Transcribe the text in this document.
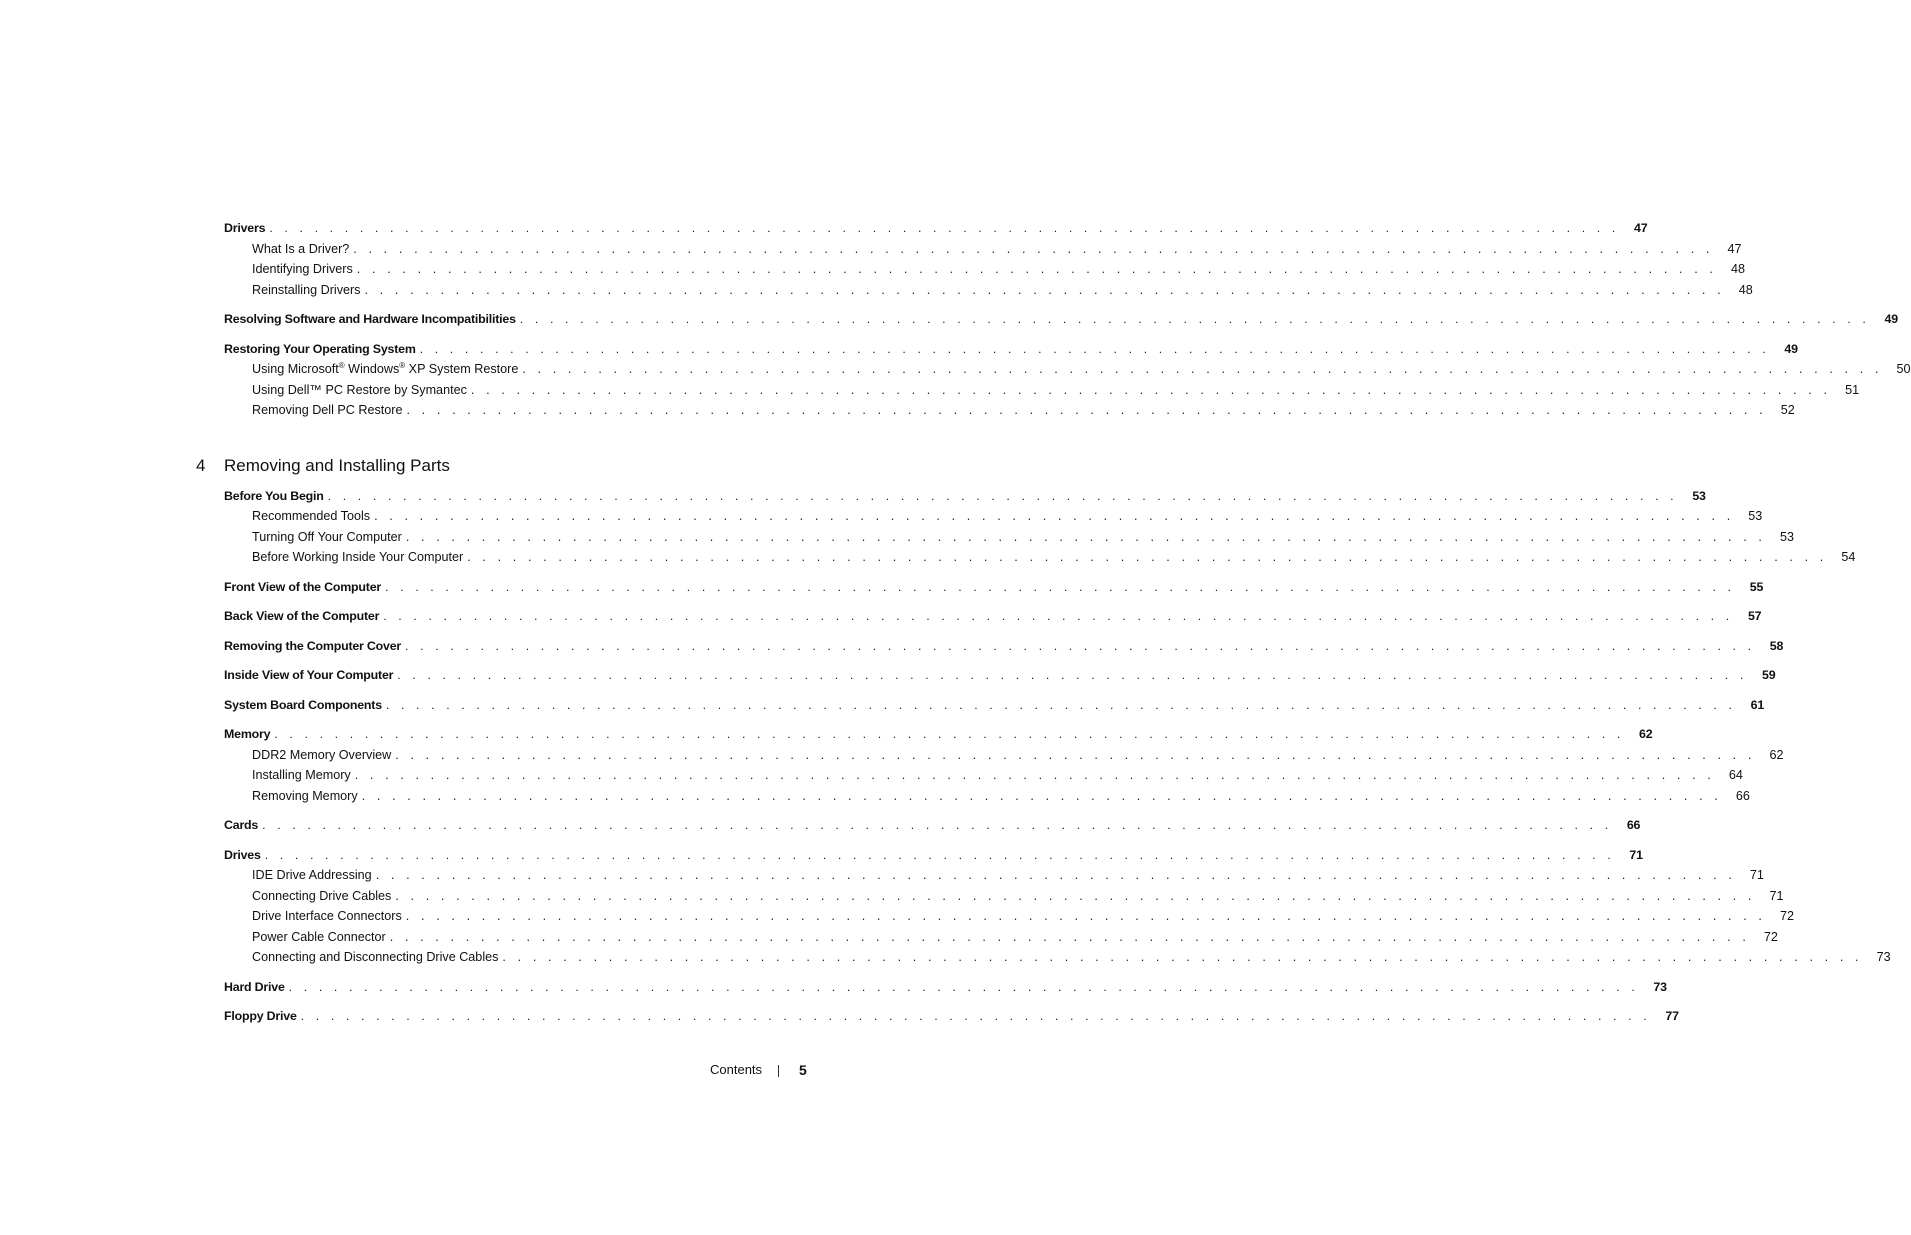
Drivers . . . . . . . . . . . . . . . . . . . . . . . . . . . . . . . . . . . . . . . . . . . . . . . . . . . . . . . . . . . . . . . . . . . . . . . . . . . . . . . . . . . . . . . . . .	47
What Is a Driver? . . . . . . . . . . . . . . . . . . . . . . . . . . . . . . . . . . . . . . . . . . . . . . . . . . . . . . . . . . . . . . . . . . . . . . . . . . . . . . . . . . . . . . . . . .	47
Identifying Drivers . . . . . . . . . . . . . . . . . . . . . . . . . . . . . . . . . . . . . . . . . . . . . . . . . . . . . . . . . . . . . . . . . . . . . . . . . . . . . . . . . . . . . . . . . .	48
Reinstalling Drivers . . . . . . . . . . . . . . . . . . . . . . . . . . . . . . . . . . . . . . . . . . . . . . . . . . . . . . . . . . . . . . . . . . . . . . . . . . . . . . . . . . . . . . . . . .	48
Resolving Software and Hardware Incompatibilities . . . . . . . . . . . . . . . . . . . . . . . . . . . . . . . . . . . . . . . . . . . . . . . . . . . . . . . . . . . . . . . . . . . . . . . . . . . . . . . . . . . . . . . . . .	49
Restoring Your Operating System . . . . . . . . . . . . . . . . . . . . . . . . . . . . . . . . . . . . . . . . . . . . . . . . . . . . . . . . . . . . . . . . . . . . . . . . . . . . . . . . . . . . . . . . . .	49
Using Microsoft® Windows® XP System Restore . . . . . . . . . . . . . . . . . . . . . . . . . . . . . . . . . . . . . . . . . . . . . . . . . . . . . . . . . . . . . . . . . . . . . . . . . . . . . . . . . . . . . . . . . .	50
Using Dell™ PC Restore by Symantec . . . . . . . . . . . . . . . . . . . . . . . . . . . . . . . . . . . . . . . . . . . . . . . . . . . . . . . . . . . . . . . . . . . . . . . . . . . . . . . . . . . . . . . . . .	51
Removing Dell PC Restore . . . . . . . . . . . . . . . . . . . . . . . . . . . . . . . . . . . . . . . . . . . . . . . . . . . . . . . . . . . . . . . . . . . . . . . . . . . . . . . . . . . . . . . . . .	52
4 Removing and Installing Parts
Before You Begin . . . . . . . . . . . . . . . . . . . . . . . . . . . . . . . . . . . . . . . . . . . . . . . . . . . . . . . . . . . . . . . . . . . . . . . . . . . . . . . . . . . . . . . . . .	53
Recommended Tools . . . . . . . . . . . . . . . . . . . . . . . . . . . . . . . . . . . . . . . . . . . . . . . . . . . . . . . . . . . . . . . . . . . . . . . . . . . . . . . . . . . . . . . . . .	53
Turning Off Your Computer . . . . . . . . . . . . . . . . . . . . . . . . . . . . . . . . . . . . . . . . . . . . . . . . . . . . . . . . . . . . . . . . . . . . . . . . . . . . . . . . . . . . . . . . . .	53
Before Working Inside Your Computer . . . . . . . . . . . . . . . . . . . . . . . . . . . . . . . . . . . . . . . . . . . . . . . . . . . . . . . . . . . . . . . . . . . . . . . . . . . . . . . . . . . . . . . . . .	54
Front View of the Computer . . . . . . . . . . . . . . . . . . . . . . . . . . . . . . . . . . . . . . . . . . . . . . . . . . . . . . . . . . . . . . . . . . . . . . . . . . . . . . . . . . . . . . . . . .	55
Back View of the Computer . . . . . . . . . . . . . . . . . . . . . . . . . . . . . . . . . . . . . . . . . . . . . . . . . . . . . . . . . . . . . . . . . . . . . . . . . . . . . . . . . . . . . . . . . .	57
Removing the Computer Cover . . . . . . . . . . . . . . . . . . . . . . . . . . . . . . . . . . . . . . . . . . . . . . . . . . . . . . . . . . . . . . . . . . . . . . . . . . . . . . . . . . . . . . . . . .	58
Inside View of Your Computer . . . . . . . . . . . . . . . . . . . . . . . . . . . . . . . . . . . . . . . . . . . . . . . . . . . . . . . . . . . . . . . . . . . . . . . . . . . . . . . . . . . . . . . . . .	59
System Board Components . . . . . . . . . . . . . . . . . . . . . . . . . . . . . . . . . . . . . . . . . . . . . . . . . . . . . . . . . . . . . . . . . . . . . . . . . . . . . . . . . . . . . . . . . .	61
Memory . . . . . . . . . . . . . . . . . . . . . . . . . . . . . . . . . . . . . . . . . . . . . . . . . . . . . . . . . . . . . . . . . . . . . . . . . . . . . . . . . . . . . . . . . .	62
DDR2 Memory Overview . . . . . . . . . . . . . . . . . . . . . . . . . . . . . . . . . . . . . . . . . . . . . . . . . . . . . . . . . . . . . . . . . . . . . . . . . . . . . . . . . . . . . . . . . .	62
Installing Memory . . . . . . . . . . . . . . . . . . . . . . . . . . . . . . . . . . . . . . . . . . . . . . . . . . . . . . . . . . . . . . . . . . . . . . . . . . . . . . . . . . . . . . . . . .	64
Removing Memory . . . . . . . . . . . . . . . . . . . . . . . . . . . . . . . . . . . . . . . . . . . . . . . . . . . . . . . . . . . . . . . . . . . . . . . . . . . . . . . . . . . . . . . . . .	66
Cards . . . . . . . . . . . . . . . . . . . . . . . . . . . . . . . . . . . . . . . . . . . . . . . . . . . . . . . . . . . . . . . . . . . . . . . . . . . . . . . . . . . . . . . . . .	66
Drives . . . . . . . . . . . . . . . . . . . . . . . . . . . . . . . . . . . . . . . . . . . . . . . . . . . . . . . . . . . . . . . . . . . . . . . . . . . . . . . . . . . . . . . . . .	71
IDE Drive Addressing . . . . . . . . . . . . . . . . . . . . . . . . . . . . . . . . . . . . . . . . . . . . . . . . . . . . . . . . . . . . . . . . . . . . . . . . . . . . . . . . . . . . . . . . . .	71
Connecting Drive Cables . . . . . . . . . . . . . . . . . . . . . . . . . . . . . . . . . . . . . . . . . . . . . . . . . . . . . . . . . . . . . . . . . . . . . . . . . . . . . . . . . . . . . . . . . .	71
Drive Interface Connectors . . . . . . . . . . . . . . . . . . . . . . . . . . . . . . . . . . . . . . . . . . . . . . . . . . . . . . . . . . . . . . . . . . . . . . . . . . . . . . . . . . . . . . . . . .	72
Power Cable Connector . . . . . . . . . . . . . . . . . . . . . . . . . . . . . . . . . . . . . . . . . . . . . . . . . . . . . . . . . . . . . . . . . . . . . . . . . . . . . . . . . . . . . . . . . .	72
Connecting and Disconnecting Drive Cables . . . . . . . . . . . . . . . . . . . . . . . . . . . . . . . . . . . . . . . . . . . . . . . . . . . . . . . . . . . . . . . . . . . . . . . . . . . . . . . . . . . . . . . . . .	73
Hard Drive . . . . . . . . . . . . . . . . . . . . . . . . . . . . . . . . . . . . . . . . . . . . . . . . . . . . . . . . . . . . . . . . . . . . . . . . . . . . . . . . . . . . . . . . . .	73
Floppy Drive . . . . . . . . . . . . . . . . . . . . . . . . . . . . . . . . . . . . . . . . . . . . . . . . . . . . . . . . . . . . . . . . . . . . . . . . . . . . . . . . . . . . . . . . . .	77
Contents	5
